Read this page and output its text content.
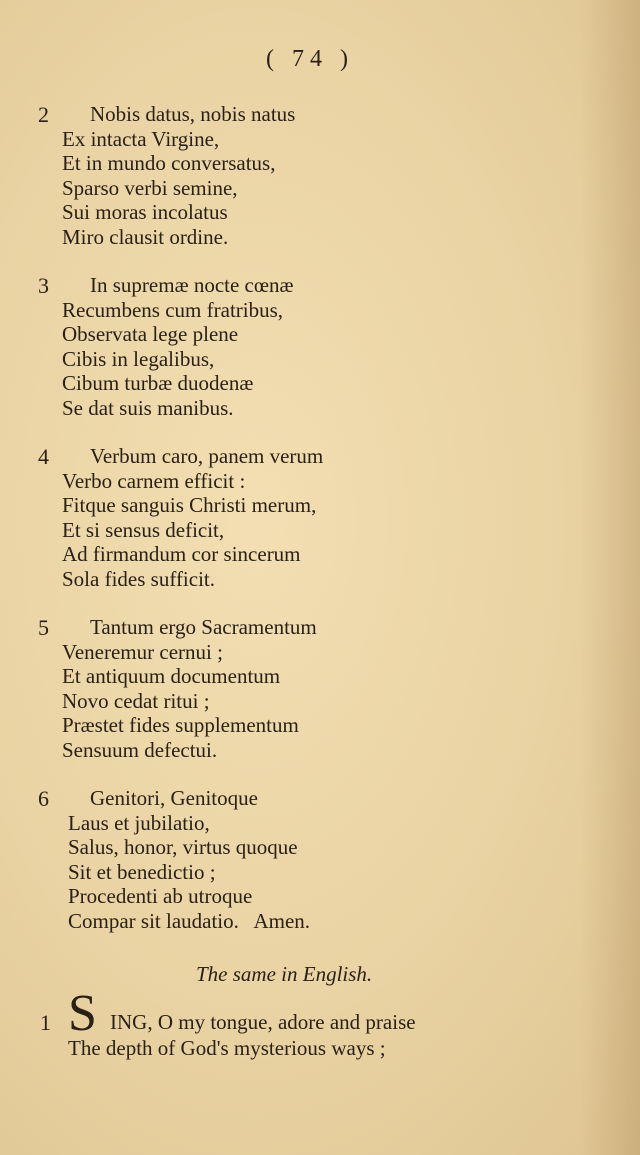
( 74 )
2	Nobis datus, nobis natus
Ex intacta Virgine,
Et in mundo conversatus,
Sparso verbi semine,
Sui moras incolatus
Miro clausit ordine.
3	In supremæ nocte cœnæ
Recumbens cum fratribus,
Observata lege plene
Cibis in legalibus,
Cibum turbæ duodenæ
Se dat suis manibus.
4	Verbum caro, panem verum
Verbo carnem efficit :
Fitque sanguis Christi merum,
Et si sensus deficit,
Ad firmandum cor sincerum
Sola fides sufficit.
5	Tantum ergo Sacramentum
Veneremur cernui ;
Et antiquum documentum
Novo cedat ritui ;
Præstet fides supplementum
Sensuum defectui.
6	Genitori, Genitoque
Laus et jubilatio,
Salus, honor, virtus quoque
Sit et benedictio ;
Procedenti ab utroque
Compar sit laudatio.   Amen.
The same in English.
1 S ING, O my tongue, adore and praise
The depth of God's mysterious ways ;
